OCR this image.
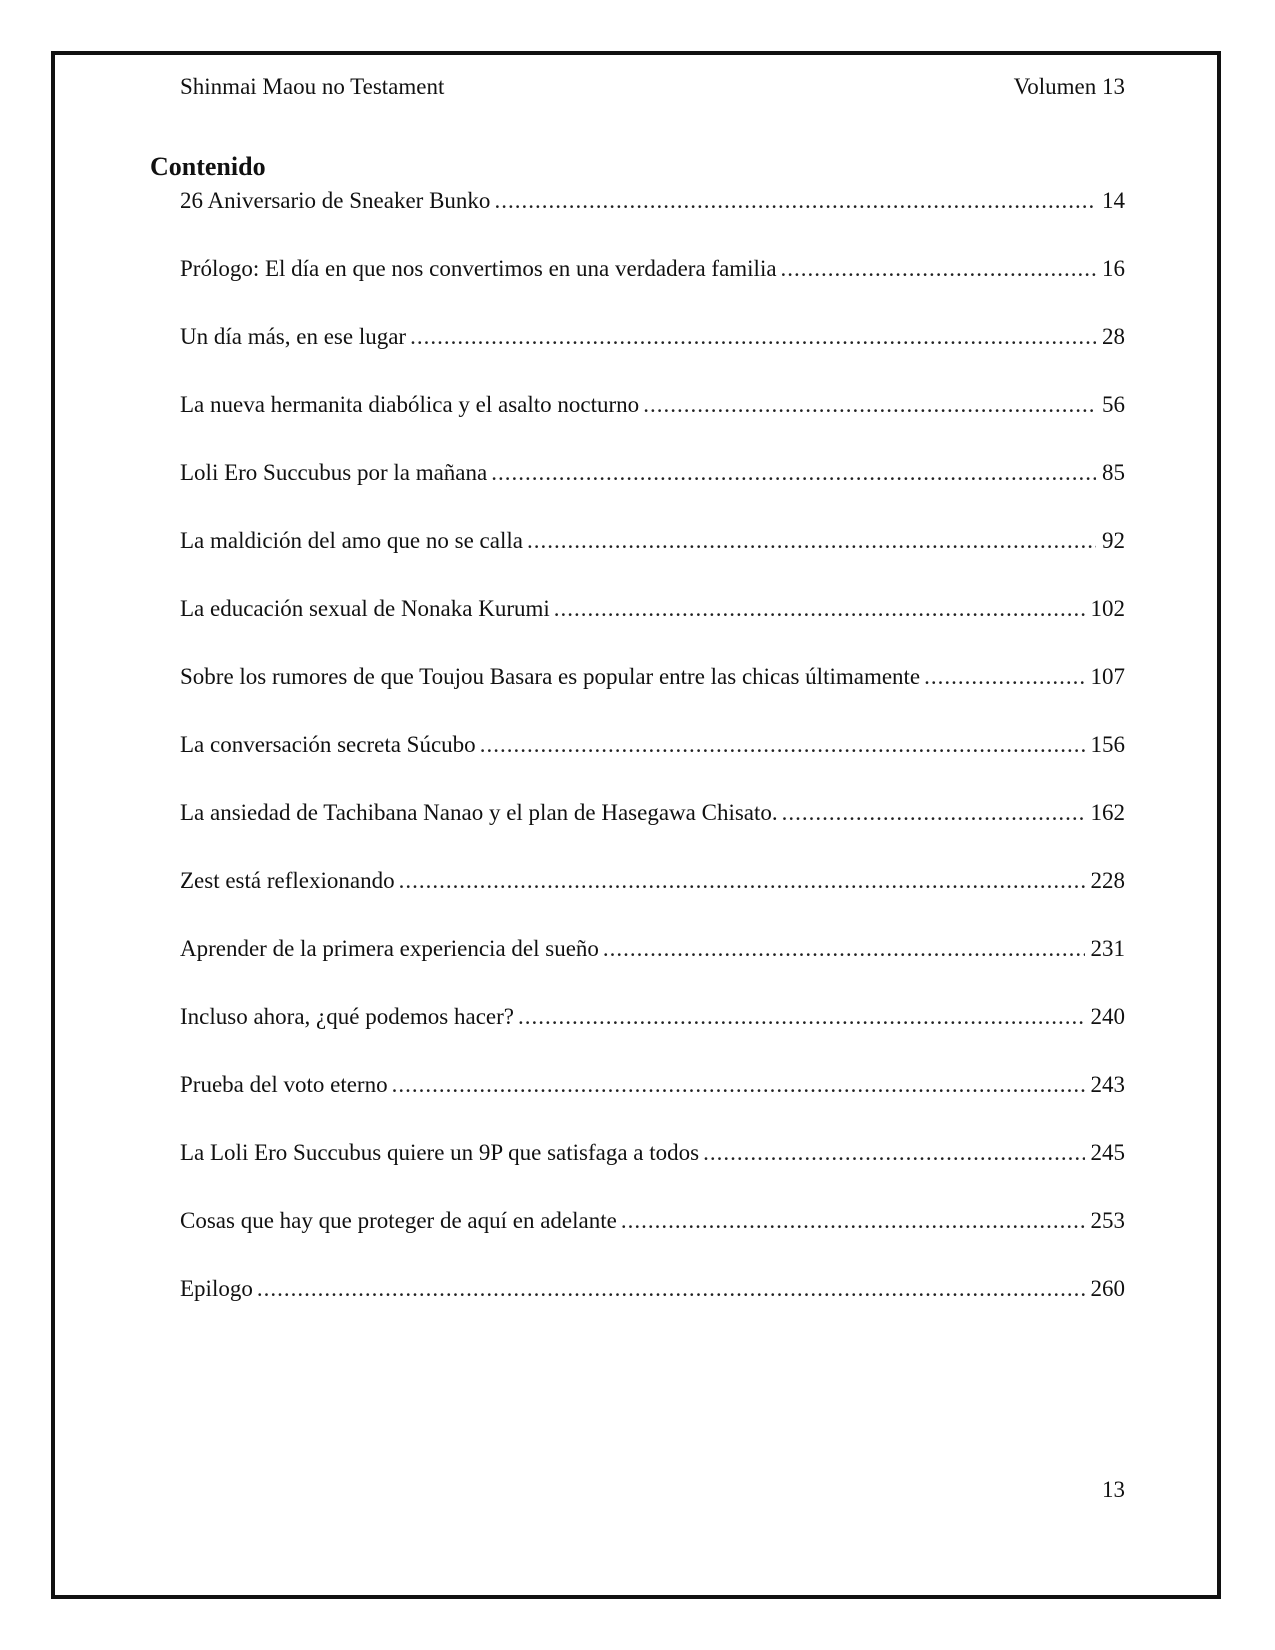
Shinmai Maou no Testament	Volumen 13
Contenido
26 Aniversario de Sneaker Bunko .....	14
Prólogo: El día en que nos convertimos en una verdadera familia .....	16
Un día más, en ese lugar .....	28
La nueva hermanita diabólica y el asalto nocturno .....	56
Loli Ero Succubus por la mañana .....	85
La maldición del amo que no se calla .....	92
La educación sexual de Nonaka Kurumi .....	102
Sobre los rumores de que Toujou Basara es popular entre las chicas últimamente .....	107
La conversación secreta Súcubo .....	156
La ansiedad de Tachibana Nanao y el plan de Hasegawa Chisato. .....	162
Zest está reflexionando .....	228
Aprender de la primera experiencia del sueño .....	231
Incluso ahora, ¿qué podemos hacer? .....	240
Prueba del voto eterno .....	243
La Loli Ero Succubus quiere un 9P que satisfaga a todos .....	245
Cosas que hay que proteger de aquí en adelante .....	253
Epilogo .....	260
13
